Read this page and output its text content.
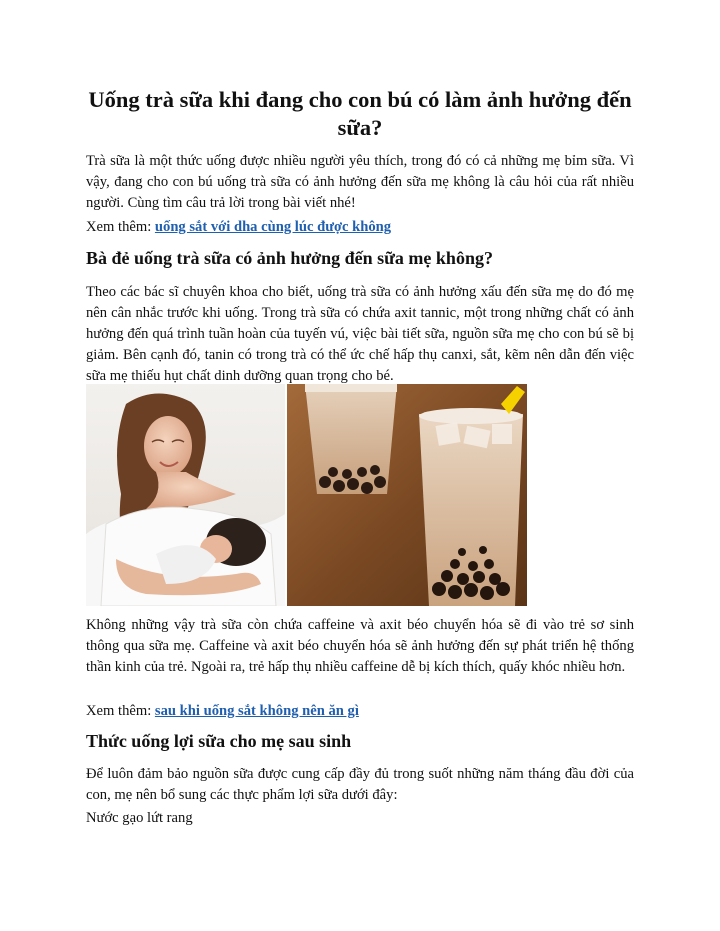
Uống trà sữa khi đang cho con bú có làm ảnh hưởng đến sữa?

Trà sữa là một thức uống được nhiều người yêu thích, trong đó có cả những mẹ bỉm sữa. Vì vậy, đang cho con bú uống trà sữa có ảnh hưởng đến sữa mẹ không là câu hỏi của rất nhiều người. Cùng tìm câu trả lời trong bài viết nhé!

Xem thêm: uống sắt với dha cùng lúc được không

Bà đẻ uống trà sữa có ảnh hưởng đến sữa mẹ không?

Theo các bác sĩ chuyên khoa cho biết, uống trà sữa có ảnh hưởng xấu đến sữa mẹ do đó mẹ nên cân nhắc trước khi uống. Trong trà sữa có chứa axit tannic, một trong những chất có ảnh hưởng đến quá trình tuần hoàn của tuyến vú, việc bài tiết sữa, nguồn sữa mẹ cho con bú sẽ bị giảm. Bên cạnh đó, tanin có trong trà có thể ức chế hấp thụ canxi, sắt, kẽm nên dẫn đến việc sữa mẹ thiếu hụt chất dinh dưỡng quan trọng cho bé.

Không những vậy trà sữa còn chứa caffeine và axit béo chuyển hóa sẽ đi vào trẻ sơ sinh thông qua sữa mẹ. Caffeine và axit béo chuyển hóa sẽ ảnh hưởng đến sự phát triển hệ thống thần kinh của trẻ. Ngoài ra, trẻ hấp thụ nhiều caffeine dễ bị kích thích, quấy khóc nhiều hơn.

Xem thêm: sau khi uống sắt không nên ăn gì

Thức uống lợi sữa cho mẹ sau sinh

Để luôn đảm bảo nguồn sữa được cung cấp đầy đủ trong suốt những năm tháng đầu đời của con, mẹ nên bổ sung các thực phẩm lợi sữa dưới đây:

Nước gạo lứt rang
